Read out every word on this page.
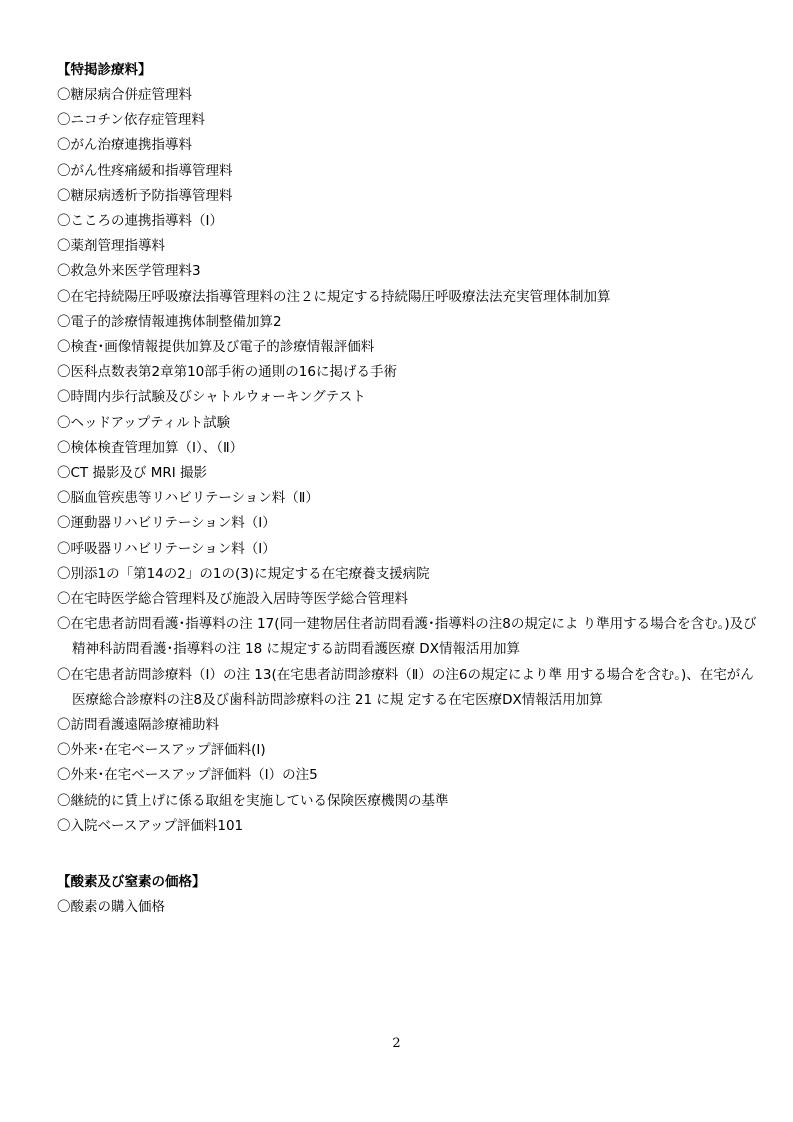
【特掲診療料】
〇糖尿病合併症管理料
〇ニコチン依存症管理料
〇がん治療連携指導料
〇がん性疼痛緩和指導管理料
〇糖尿病透析予防指導管理料
〇こころの連携指導料（Ⅰ）
〇薬剤管理指導料
〇救急外来医学管理料3
〇在宅持続陽圧呼吸療法指導管理料の注２に規定する持続陽圧呼吸療法法充実管理体制加算
〇電子的診療情報連携体制整備加算2
〇検査･画像情報提供加算及び電子的診療情報評価料
〇医科点数表第2章第10部手術の通則の16に掲げる手術
〇時間内歩行試験及びシャトルウォーキングテスト
〇ヘッドアップティルト試験
〇検体検査管理加算（Ⅰ）、（Ⅱ）
〇CT 撮影及び MRI 撮影
〇脳血管疾患等リハビリテーション料（Ⅱ）
〇運動器リハビリテーション料（Ⅰ）
〇呼吸器リハビリテーション料（Ⅰ）
〇別添1の「第14の2」の1の(3)に規定する在宅療養支援病院
〇在宅時医学総合管理料及び施設入居時等医学総合管理料
〇在宅患者訪問看護･指導料の注 17(同一建物居住者訪問看護･指導料の注8の規定によ り準用する場合を含む。)及び精神科訪問看護･指導料の注 18 に規定する訪問看護医療 DX情報活用加算
〇在宅患者訪問診療料（Ⅰ）の注 13(在宅患者訪問診療料（Ⅱ）の注6の規定により準 用する場合を含む。)、在宅がん医療総合診療料の注8及び歯科訪問診療料の注 21 に規 定する在宅医療DX情報活用加算
〇訪問看護遠隔診療補助料
〇外来･在宅ベースアップ評価料(Ⅰ)
〇外来･在宅ベースアップ評価料（Ⅰ）の注5
〇継続的に賃上げに係る取組を実施している保険医療機関の基準
〇入院ベースアップ評価料101
【酸素及び窒素の価格】
〇酸素の購入価格
2
